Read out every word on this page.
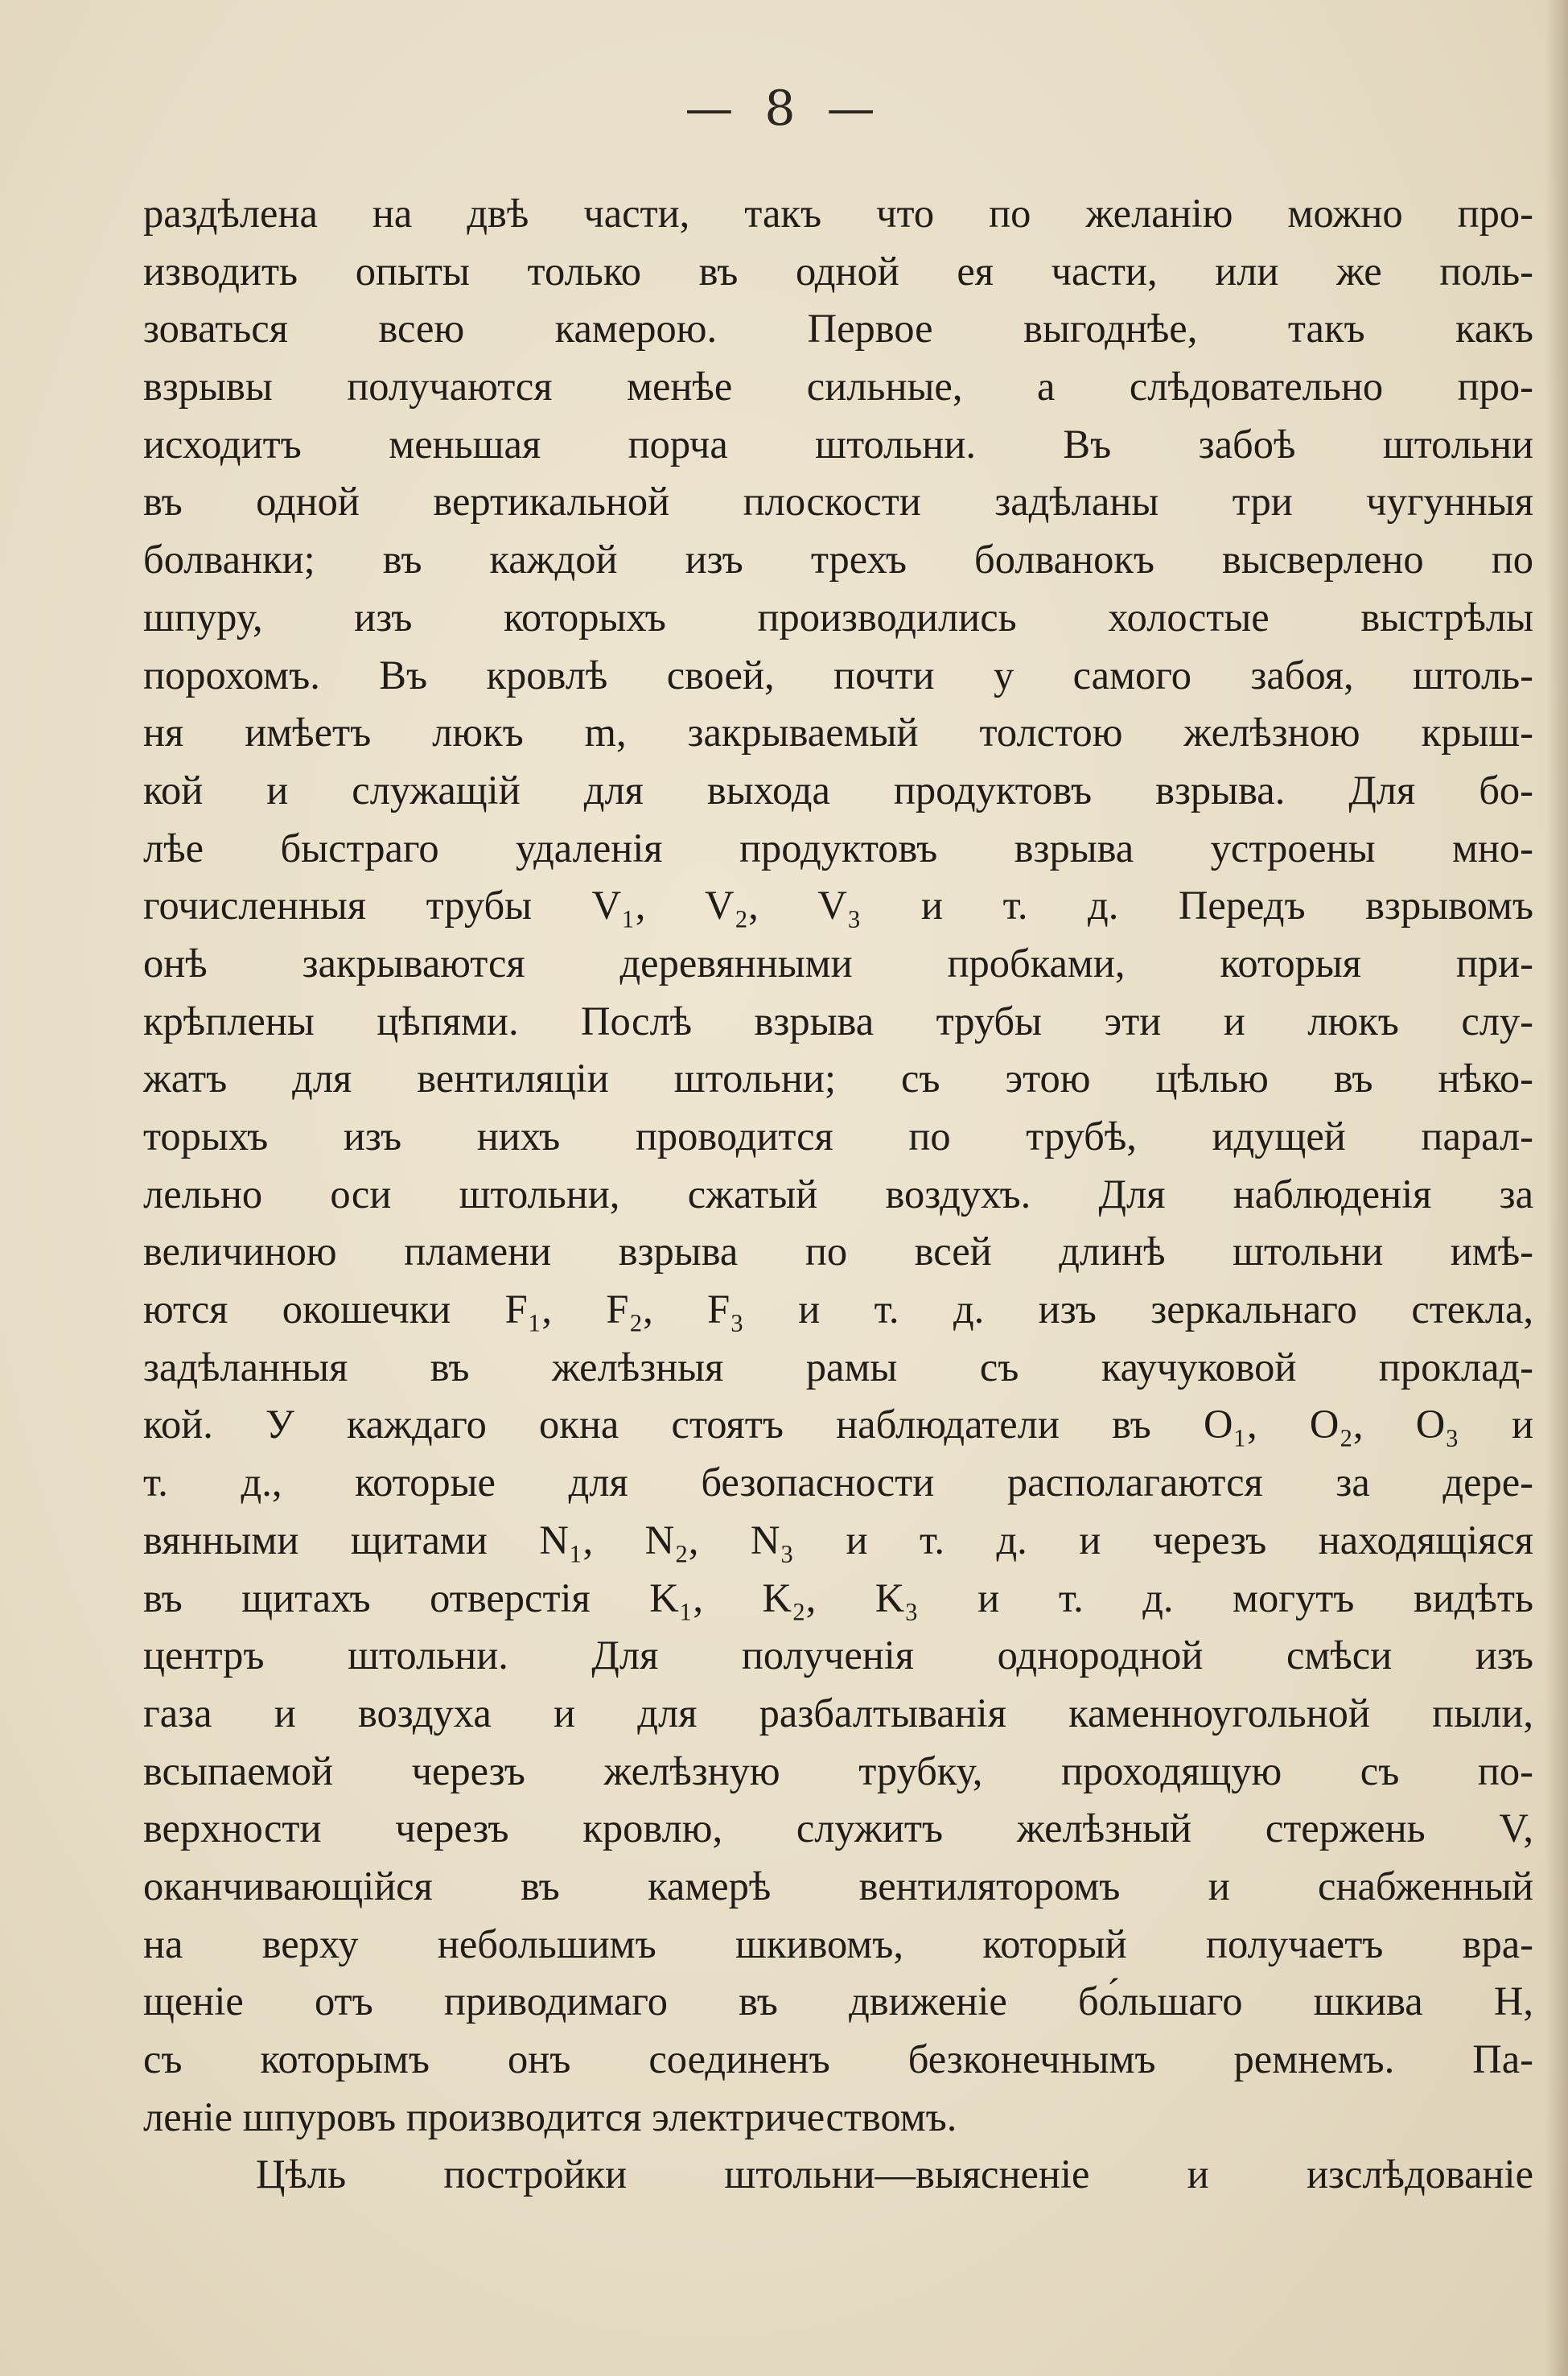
— 8 —
раздѣлена на двѣ части, такъ что по желанію можно про-
изводить опыты только въ одной ея части, или же поль-
зоваться всею камерою. Первое выгоднѣе, такъ какъ
взрывы получаются менѣе сильные, а слѣдовательно про-
исходитъ меньшая порча штольни. Въ забоѣ штольни
въ одной вертикальной плоскости задѣланы три чугунныя
болванки; въ каждой изъ трехъ болванокъ высверлено по
шпуру, изъ которыхъ производились холостые выстрѣлы
порохомъ. Въ кровлѣ своей, почти у самого забоя, штоль-
ня имѣетъ люкъ m, закрываемый толстою желѣзною крыш-
кой и служащій для выхода продуктовъ взрыва. Для бо-
лѣе быстраго удаленія продуктовъ взрыва устроены мно-
гочисленныя трубы V₁, V₂, V₃ и т. д. Передъ взрывомъ
онѣ закрываются деревянными пробками, которыя при-
крѣплены цѣпями. Послѣ взрыва трубы эти и люкъ слу-
жатъ для вентиляціи штольни; съ этою цѣлью въ нѣко-
торыхъ изъ нихъ проводится по трубѣ, идущей парал-
лельно оси штольни, сжатый воздухъ. Для наблюденія за
величиною пламени взрыва по всей длинѣ штольни имѣ-
ются окошечки F₁, F₂, F₃ и т. д. изъ зеркальнаго стекла,
задѣланныя въ желѣзныя рамы съ каучуковой проклад-
кой. У каждаго окна стоятъ наблюдатели въ O₁, O₂, O₃ и
т. д., которые для безопасности располагаются за дере-
вянными щитами N₁, N₂, N₃ и т. д. и черезъ находящіяся
въ щитахъ отверстія K₁, K₂, K₃ и т. д. могутъ видѣть
центръ штольни. Для полученія однородной смѣси изъ
газа и воздуха и для разбалтыванія каменноугольной пыли,
всыпаемой черезъ желѣзную трубку, проходящую съ по-
верхности черезъ кровлю, служитъ желѣзный стержень V,
оканчивающійся въ камерѣ вентиляторомъ и снабженный
на верху небольшимъ шкивомъ, который получаетъ вра-
щеніе отъ приводимаго въ движеніе бо́льшаго шкива H,
съ которымъ онъ соединенъ безконечнымъ ремнемъ. Па-
леніе шпуровъ производится электричествомъ.
Цѣль постройки штольни—выясненіе и изслѣдованіе
